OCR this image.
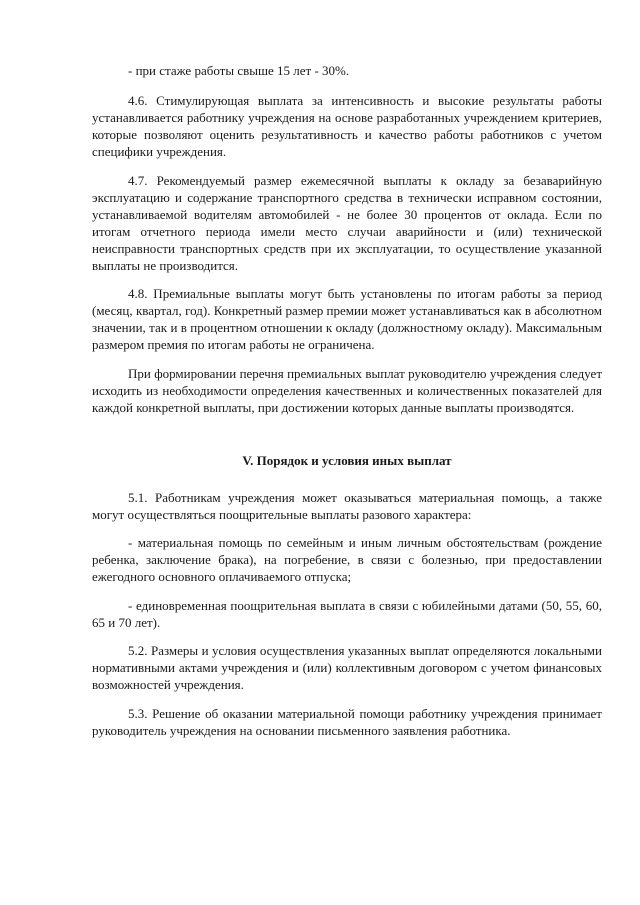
- при стаже работы свыше 15 лет - 30%.

4.6. Стимулирующая выплата за интенсивность и высокие результаты работы устанавливается работнику учреждения на основе разработанных учреждением критериев, которые позволяют оценить результативность и качество работы работников с учетом специфики учреждения.

4.7. Рекомендуемый размер ежемесячной выплаты к окладу за безаварийную эксплуатацию и содержание транспортного средства в технически исправном состоянии, устанавливаемой водителям автомобилей - не более 30 процентов от оклада. Если по итогам отчетного периода имели место случаи аварийности и (или) технической неисправности транспортных средств при их эксплуатации, то осуществление указанной выплаты не производится.

4.8. Премиальные выплаты могут быть установлены по итогам работы за период (месяц, квартал, год). Конкретный размер премии может устанавливаться как в абсолютном значении, так и в процентном отношении к окладу (должностному окладу). Максимальным размером премия по итогам работы не ограничена.

При формировании перечня премиальных выплат руководителю учреждения следует исходить из необходимости определения качественных и количественных показателей для каждой конкретной выплаты, при достижении которых данные выплаты производятся.

V. Порядок и условия иных выплат

5.1. Работникам учреждения может оказываться материальная помощь, а также могут осуществляться поощрительные выплаты разового характера:

- материальная помощь по семейным и иным личным обстоятельствам (рождение ребенка, заключение брака), на погребение, в связи с болезнью, при предоставлении ежегодного основного оплачиваемого отпуска;

- единовременная поощрительная выплата в связи с юбилейными датами (50, 55, 60, 65 и 70 лет).

5.2. Размеры и условия осуществления указанных выплат определяются локальными нормативными актами учреждения и (или) коллективным договором с учетом финансовых возможностей учреждения.

5.3. Решение об оказании материальной помощи работнику учреждения принимает руководитель учреждения на основании письменного заявления работника.
